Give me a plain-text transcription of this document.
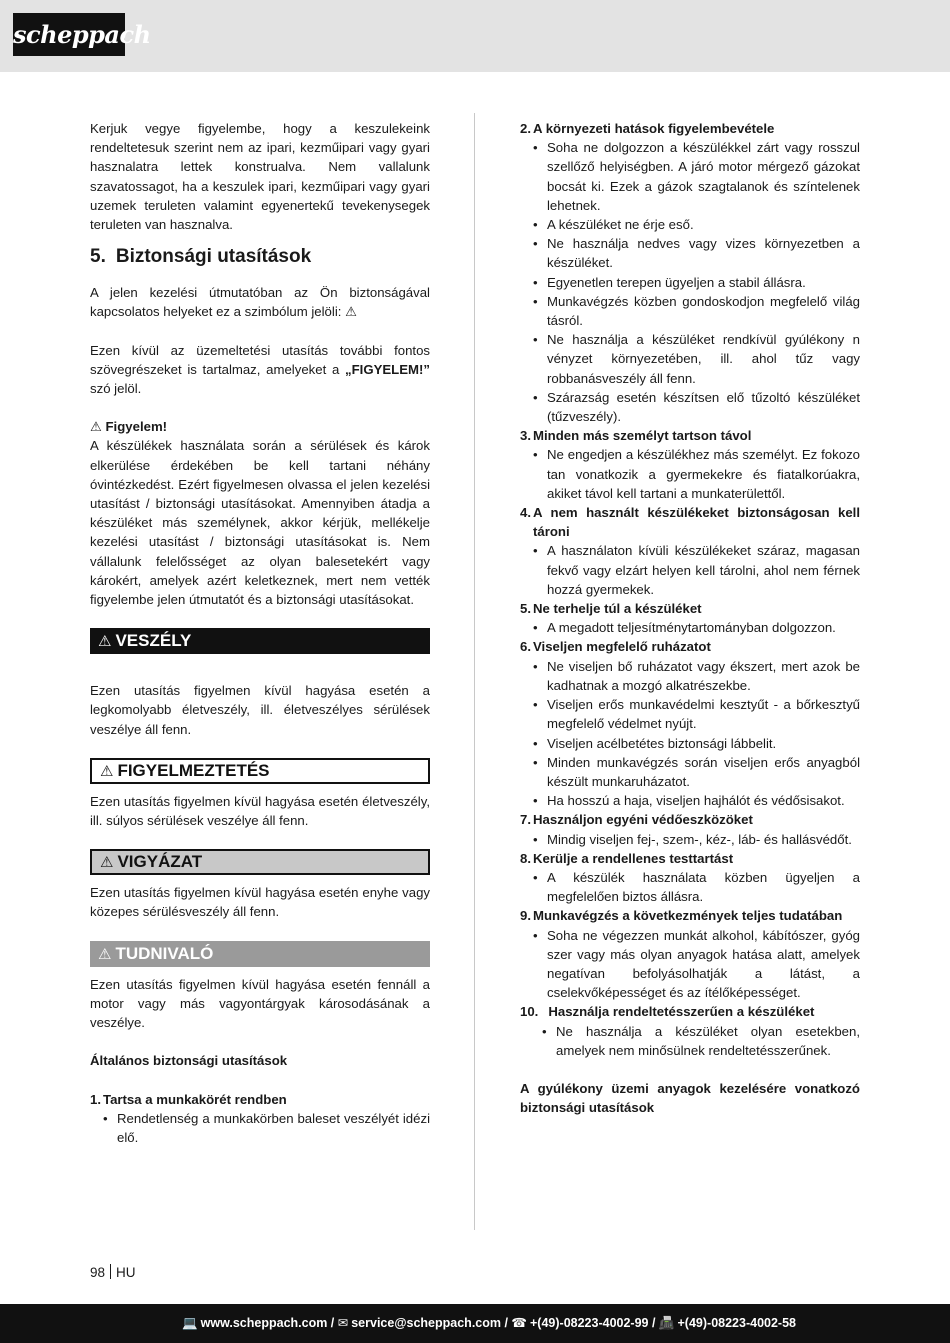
scheppach

Kerjuk vegye figyelembe, hogy a keszulekeink rendeltetesuk szerint nem az ipari, kezműipari vagy gyari hasznalatra lettek konstrualva. Nem vallalunk szavatossagot, ha a keszulek ipari, kezműipari vagy gyari uzemek teruleten valamint egyenertekű tevekenysegek teruleten van hasznalva.

5. Biztonsági utasítások

A jelen kezelési útmutatóban az Ön biztonságával kapcsolatos helyeket ez a szimbólum jelöli: ⚠

Ezen kívül az üzemeltetési utasítás további fontos szövegrészeket is tartalmaz, amelyeket a „FIGYELEM!” szó jelöl.

⚠ Figyelem!

A készülékek használata során a sérülések és károk elkerülése érdekében be kell tartani néhány óvintézkedést. Ezért figyelmesen olvassa el jelen kezelési utasítást / biztonsági utasításokat. Amennyiben átadja a készüléket más személynek, akkor kérjük, mellékelje kezelési utasítást / biztonsági utasításokat is. Nem vállalunk felelősséget az olyan balesetekért vagy károkért, amelyek azért keletkeznek, mert nem vették figyelembe jelen útmutatót és a biztonsági utasításokat.

⚠ VESZÉLY

Ezen utasítás figyelmen kívül hagyása esetén a legkomolyabb életveszély, ill. életveszélyes sérülések veszélye áll fenn.

⚠ FIGYELMEZTETÉS

Ezen utasítás figyelmen kívül hagyása esetén életveszély, ill. súlyos sérülések veszélye áll fenn.

⚠ VIGYÁZAT

Ezen utasítás figyelmen kívül hagyása esetén enyhe vagy közepes sérülésveszély áll fenn.

⚠ TUDNIVALÓ

Ezen utasítás figyelmen kívül hagyása esetén fennáll a motor vagy más vagyontárgyak károsodásának a veszélye.

Általános biztonsági utasítások
1. Tartsa a munkakörét rendben
• Rendetlenség a munkakörben baleset veszélyét idézi elő.
2. A környezeti hatások figyelembevétele
• Soha ne dolgozzon a készülékkel zárt vagy rosszul szellőző helyiségben. A járó motor mérgező gázokat bocsát ki. Ezek a gázok szagtalanok és színtelenek lehetnek.
• A készüléket ne érje eső.
• Ne használja nedves vagy vizes környezetben a készüléket.
• Egyenetlen terepen ügyeljen a stabil állásra.
• Munkavégzés közben gondoskodjon megfelelő világ tásról.
• Ne használja a készüléket rendkívül gyúlékony n vényzet környezetében, ill. ahol tűz vagy robbanásveszély áll fenn.
• Szárazság esetén készítsen elő tűzoltó készüléket (tűzveszély).
3. Minden más személyt tartson távol
• Ne engedjen a készülékhez más személyt. Ez fokozo tan vonatkozik a gyermekekre és fiatalkorúakra, akiket távol kell tartani a munkaterülettől.
4. A nem használt készülékeket biztonságosan kell tároni
• A használaton kívüli készülékeket száraz, magasan fekvő vagy elzárt helyen kell tárolni, ahol nem férnek hozzá gyermekek.
5. Ne terhelje túl a készüléket
• A megadott teljesítménytartományban dolgozzon.
6. Viseljen megfelelő ruházatot
• Ne viseljen bő ruházatot vagy ékszert, mert azok be kadhatnak a mozgó alkatrészekbe.
• Viseljen erős munkavédelmi kesztyűt - a bőrkesztyű megfelelő védelmet nyújt.
• Viseljen acélbetétes biztonsági lábbelit.
• Minden munkavégzés során viseljen erős anyagból készült munkaruházatot.
• Ha hosszú a haja, viseljen hajhálót és védősisakot.
7. Használjon egyéni védőeszközöket
• Mindig viseljen fej-, szem-, kéz-, láb- és hallásvédőt.
8. Kerülje a rendellenes testtartást
• A készülék használata közben ügyeljen a megfelelően biztos állásra.
9. Munkavégzés a következmények teljes tudatában
• Soha ne végezzen munkát alkohol, kábítószer, gyóg szer vagy más olyan anyagok hatása alatt, amelyek negatívan befolyásolhatják a látást, a cselekvőképességet és az ítélőképességet.
10. Használja rendeltetésszerűen a készüléket
• Ne használja a készüléket olyan esetekben, amelyek nem minősülnek rendeltetésszerűnek.
A gyúlékony üzemi anyagok kezelésére vonatkozó biztonsági utasítások
98 HU
💻 www.scheppach.com / ✉ service@scheppach.com / ☎ +(49)-08223-4002-99 / 📠 +(49)-08223-4002-58
